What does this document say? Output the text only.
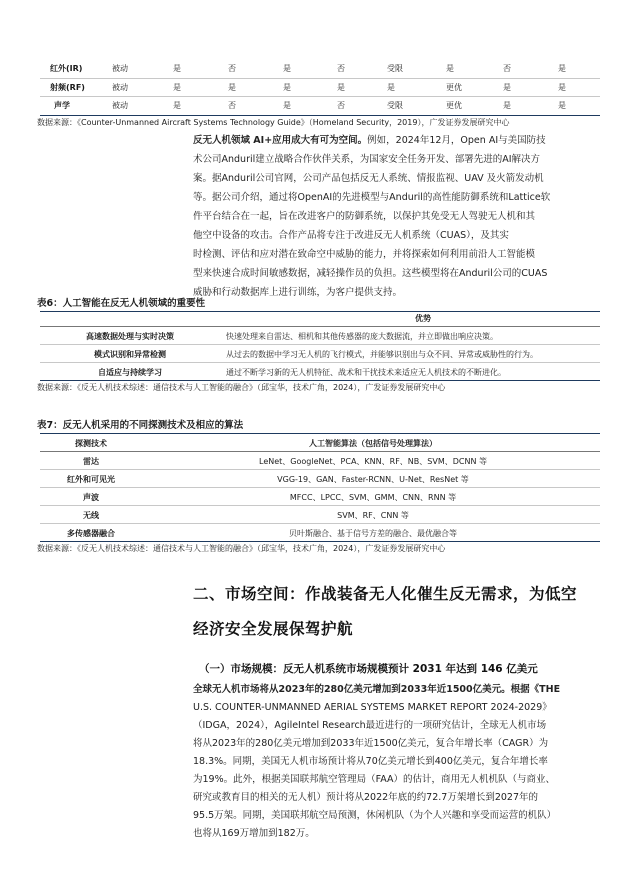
红外(IR)	被动	是	否	是	否	受限	是	否	是
射频(RF)	被动	是	是	是	是	是	更优	是	是
声学	被动	是	否	是	否	受限	更优	是	是
数据来源：《Counter-Unmanned Aircraft Systems Technology Guide》（Homeland Security，2019），广发证券发展研究中心
反无人机领域 AI+应用成大有可为空间。例如，2024年12月，Open AI与美国防技
术公司Anduril建立战略合作伙伴关系，为国家安全任务开发、部署先进的AI解决方
案。据Anduril公司官网，公司产品包括反无人系统、情报监视、UAV 及火箭发动机
等。据公司介绍，通过将OpenAI的先进模型与Anduril的高性能防御系统和Lattice软
件平台结合在一起，旨在改进客户的防御系统，以保护其免受无人驾驶无人机和其
他空中设备的攻击。合作产品将专注于改进反无人机系统（CUAS），及其实
时检测、评估和应对潜在致命空中威胁的能力，并将探索如何利用前沿人工智能模
型来快速合成时间敏感数据，减轻操作员的负担。这些模型将在Anduril公司的CUAS
威胁和行动数据库上进行训练，为客户提供支持。
表6：人工智能在反无人机领域的重要性
优势
高速数据处理与实时决策	快速处理来自雷达、相机和其他传感器的庞大数据流，并立即做出响应决策。
模式识别和异常检测	从过去的数据中学习无人机的飞行模式，并能够识别出与众不同、异常或威胁性的行为。
自适应与持续学习	通过不断学习新的无人机特征、战术和干扰技术来适应无人机技术的不断进化。
数据来源：《反无人机技术综述：通信技术与人工智能的融合》（邱宝华，技术广角，2024），广发证券发展研究中心
表7：反无人机采用的不同探测技术及相应的算法
探测技术	人工智能算法（包括信号处理算法）
雷达	LeNet、GoogleNet、PCA、KNN、RF、NB、SVM、DCNN 等
红外和可见光	VGG-19、GAN、Faster-RCNN、U-Net、ResNet 等
声波	MFCC、LPCC、SVM、GMM、CNN、RNN 等
无线	SVM、RF、CNN 等
多传感器融合	贝叶斯融合、基于信号方差的融合、最优融合等
数据来源：《反无人机技术综述：通信技术与人工智能的融合》（邱宝华，技术广角，2024），广发证券发展研究中心
二、市场空间：作战装备无人化催生反无需求，为低空
经济安全发展保驾护航
（一）市场规模：反无人机系统市场规模预计 2031 年达到 146 亿美元
全球无人机市场将从2023年的280亿美元增加到2033年近1500亿美元。根据《THE
U.S. COUNTER-UNMANNED AERIAL SYSTEMS MARKET REPORT 2024-2029》
（IDGA，2024），AgileIntel Research最近进行的一项研究估计，全球无人机市场
将从2023年的280亿美元增加到2033年近1500亿美元，复合年增长率（CAGR）为
18.3%。同期，美国无人机市场预计将从70亿美元增长到400亿美元，复合年增长率
为19%。此外，根据美国联邦航空管理局（FAA）的估计，商用无人机机队（与商业、
研究或教育目的相关的无人机）预计将从2022年底的约72.7万架增长到2027年的
95.5万架。同期，美国联邦航空局预测，休闲机队（为个人兴趣和享受而运营的机队）
也将从169万增加到182万。
